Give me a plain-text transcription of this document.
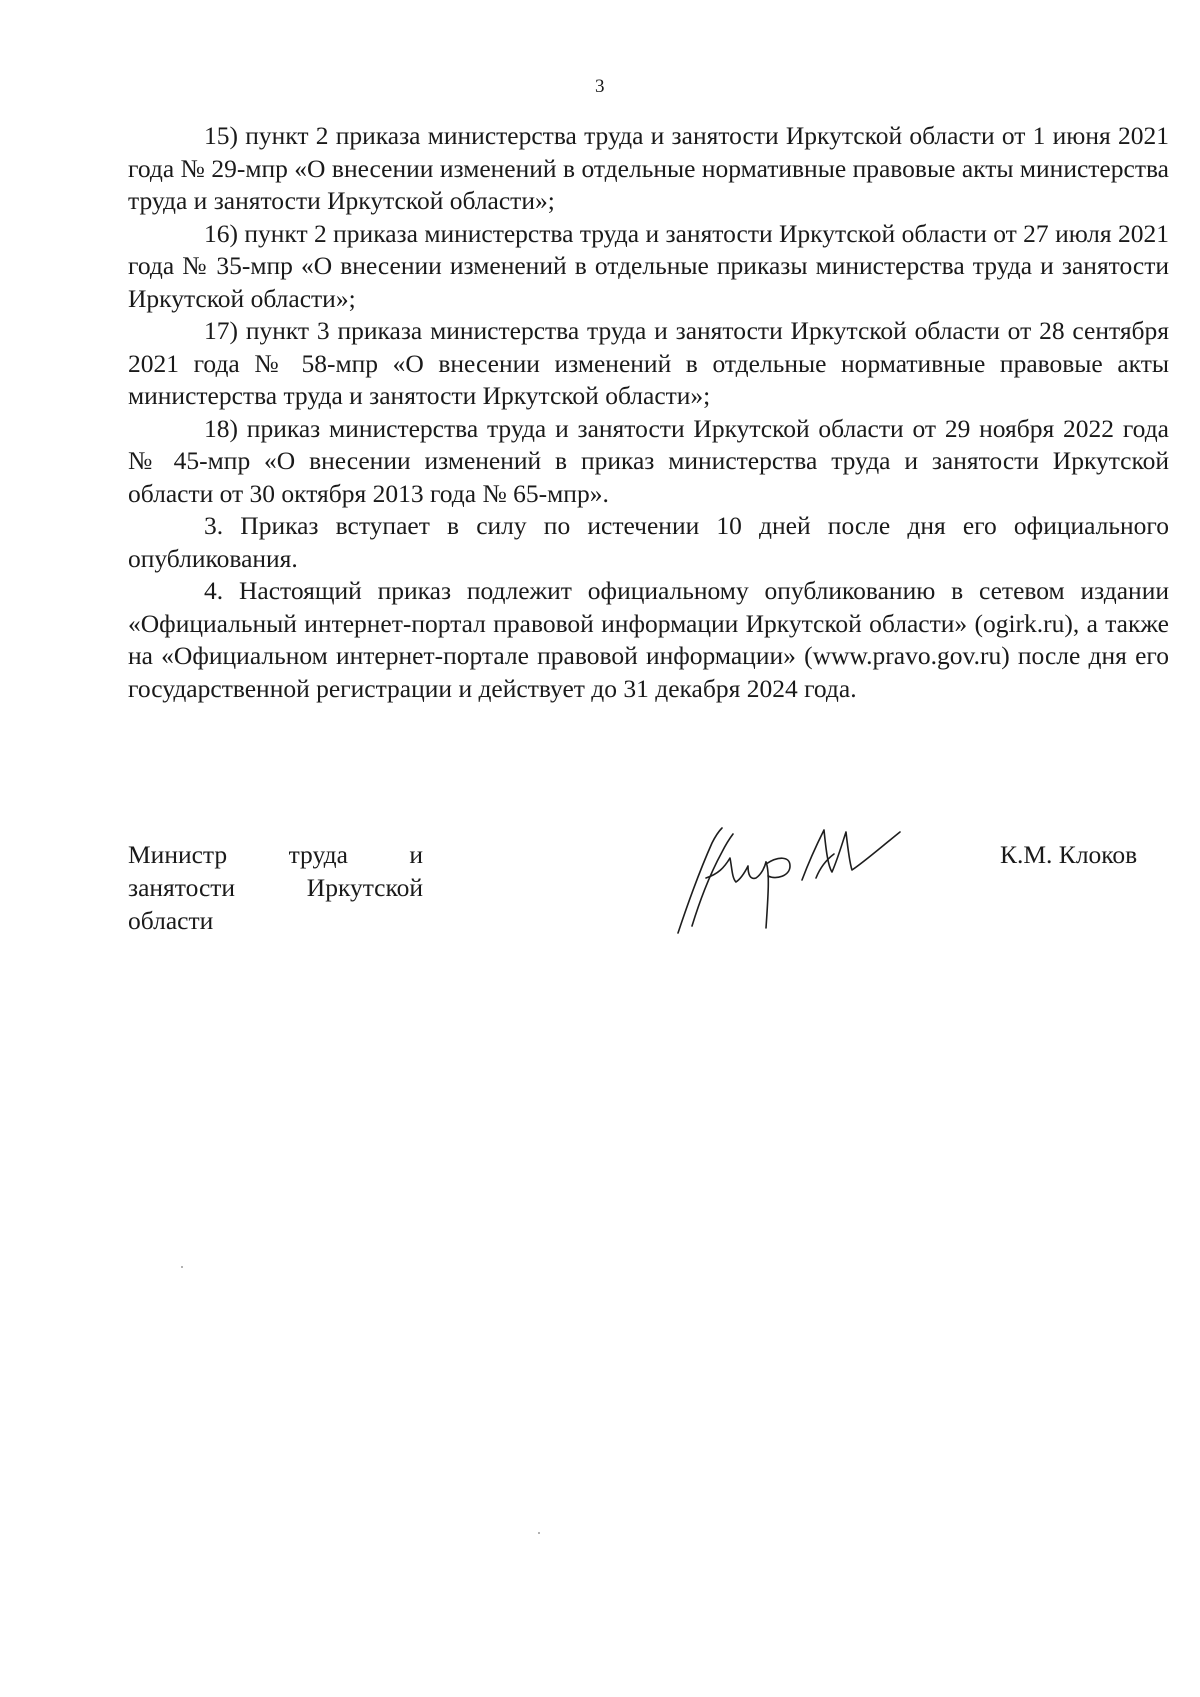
3

15) пункт 2 приказа министерства труда и занятости Иркутской области от 1 июня 2021 года № 29-мпр «О внесении изменений в отдельные нормативные правовые акты министерства труда и занятости Иркутской области»;

16) пункт 2 приказа министерства труда и занятости Иркутской области от 27 июля 2021 года № 35-мпр «О внесении изменений в отдельные приказы министерства труда и занятости Иркутской области»;

17) пункт 3 приказа министерства труда и занятости Иркутской области от 28 сентября 2021 года № 58-мпр «О внесении изменений в отдельные нормативные правовые акты министерства труда и занятости Иркутской области»;

18) приказ министерства труда и занятости Иркутской области от 29 ноября 2022 года № 45-мпр «О внесении изменений в приказ министерства труда и занятости Иркутской области от 30 октября 2013 года № 65-мпр».

3. Приказ вступает в силу по истечении 10 дней после дня его официального опубликования.

4. Настоящий приказ подлежит официальному опубликованию в сетевом издании «Официальный интернет-портал правовой информации Иркутской области» (ogirk.ru), а также на «Официальном интернет-портале правовой информации» (www.pravo.gov.ru) после дня его государственной регистрации и действует до 31 декабря 2024 года.

Министр труда и
занятости	Иркутской
области
К.М. Клоков
